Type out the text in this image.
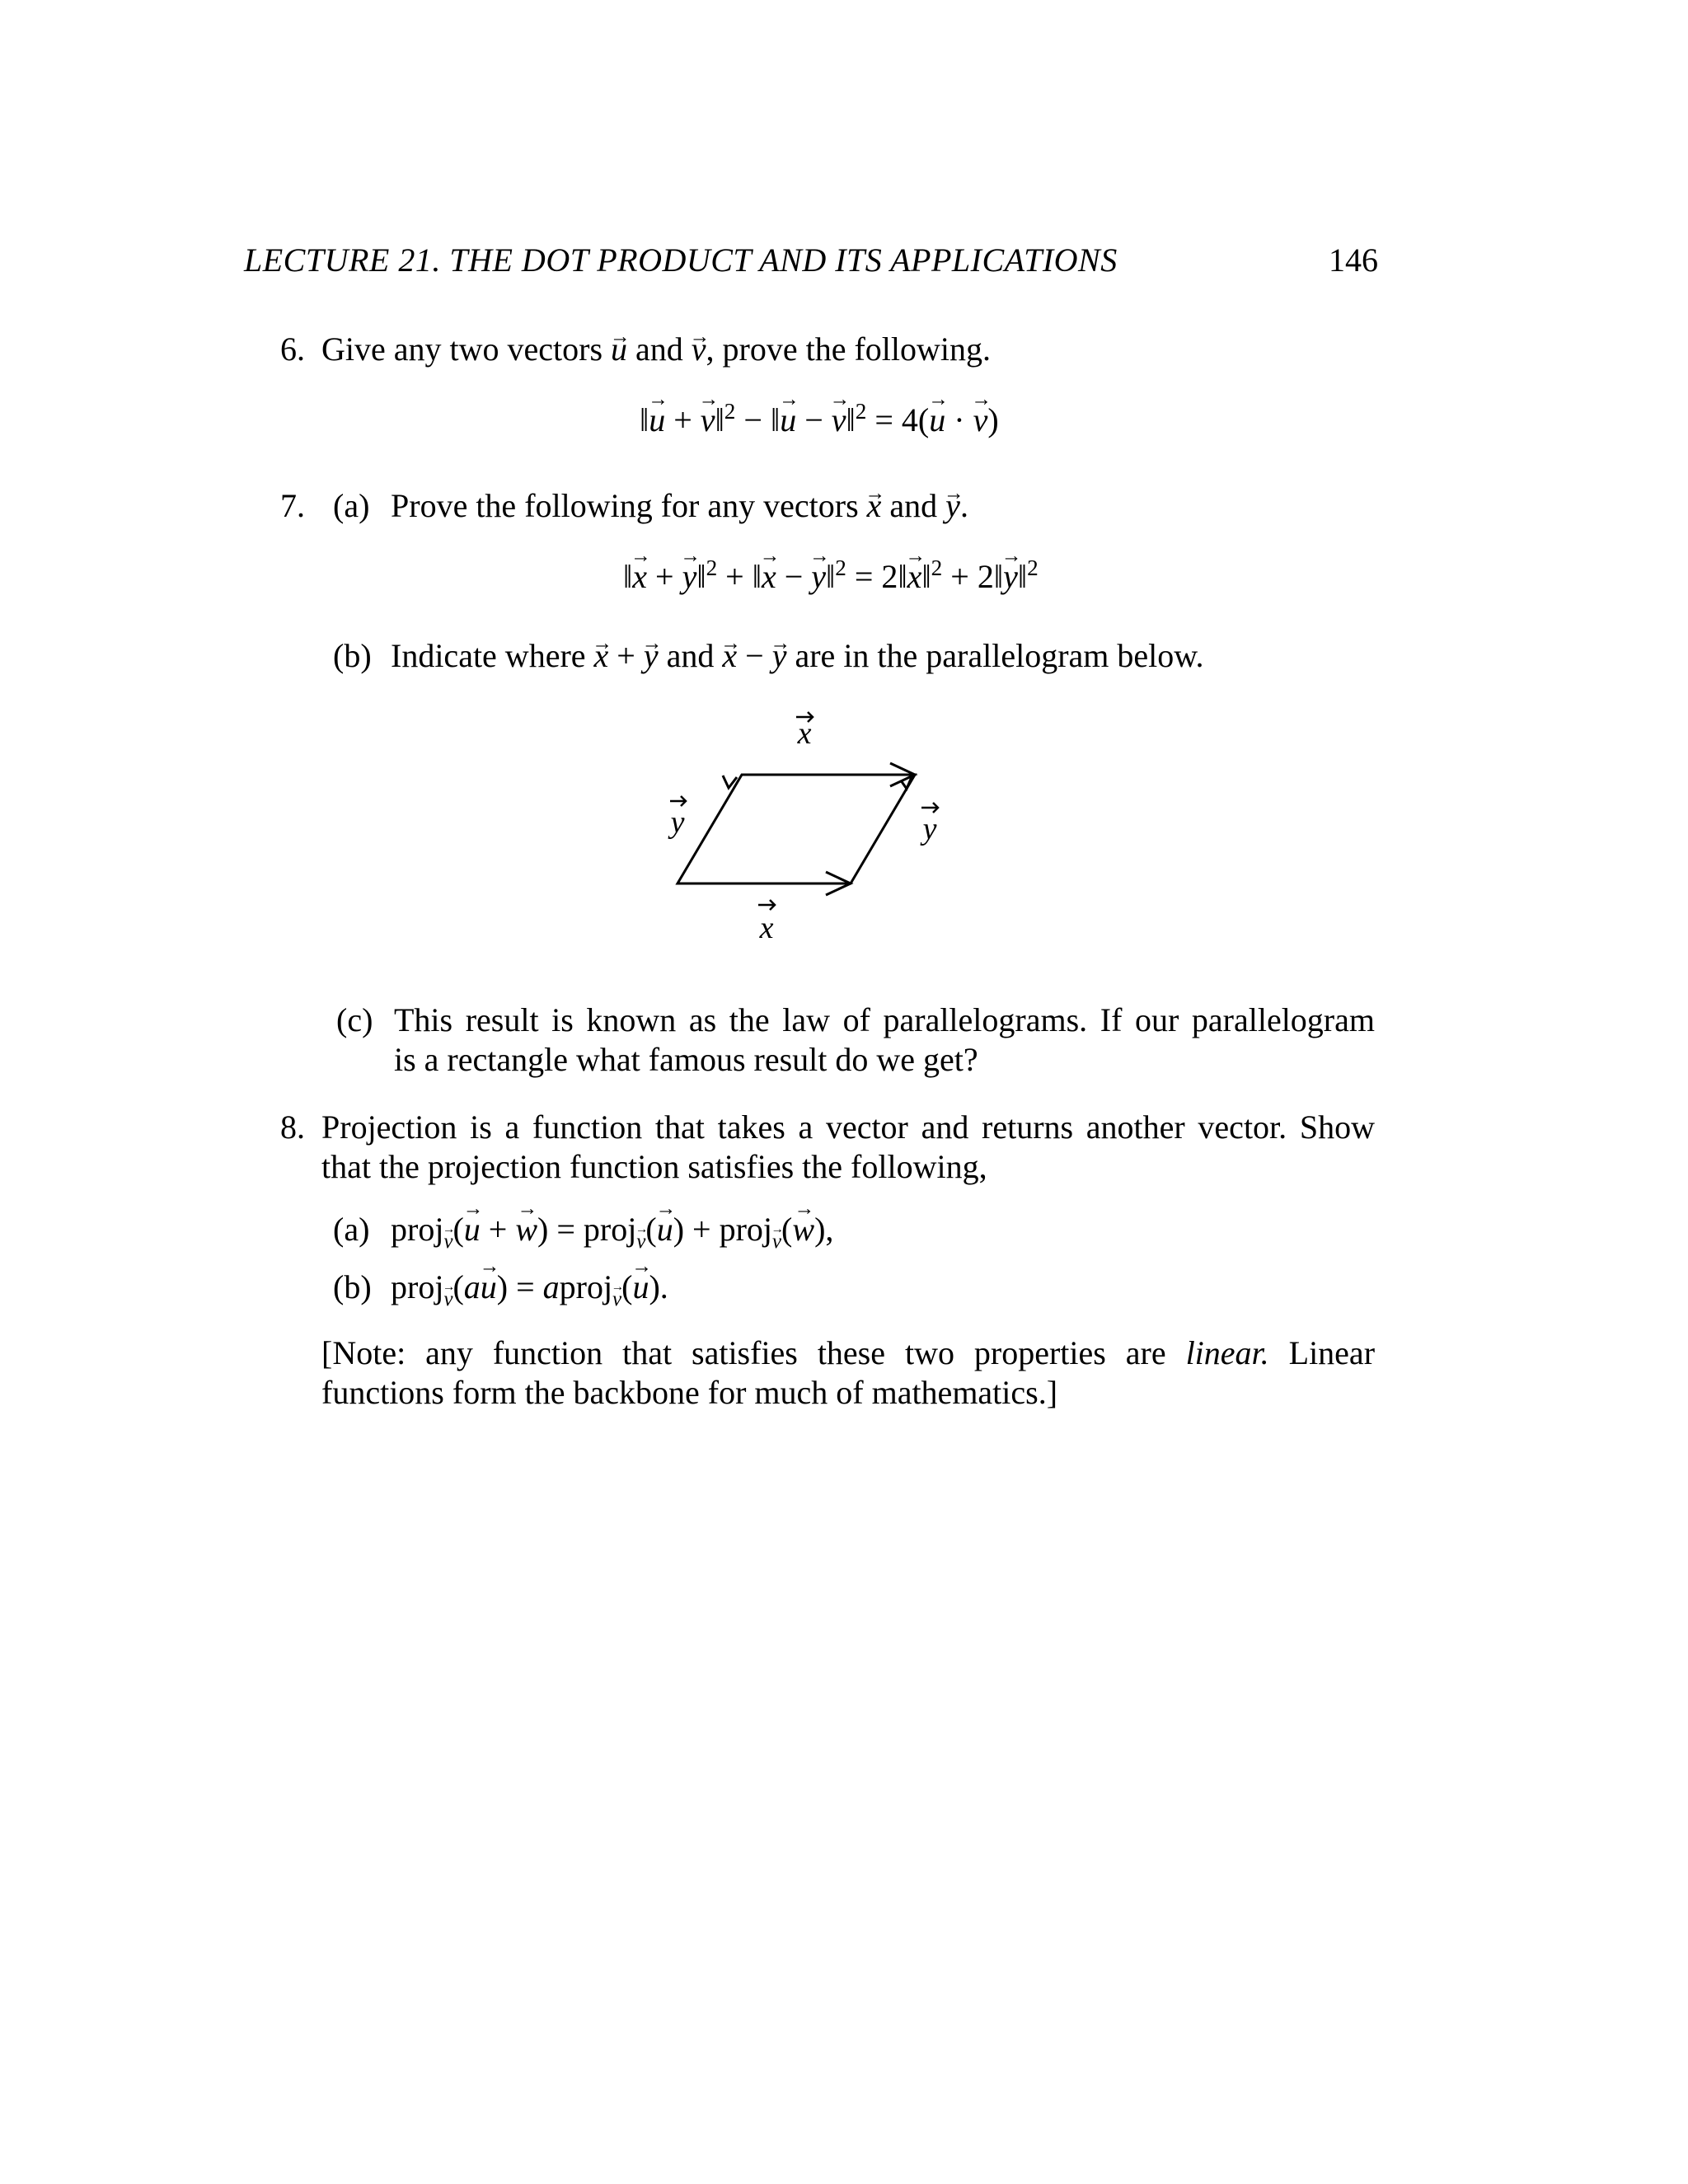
LECTURE 21. THE DOT PRODUCT AND ITS APPLICATIONS	146
6. Give any two vectors → u and → v, prove the following.
‖→ u + → v‖$^2$ − ‖→ u − → v‖$^2$ = 4(→ u · → v)
7. (a) Prove the following for any vectors → x and → y.
‖→ x + → y‖$^2$ + ‖→ x − → y‖$^2$ = 2‖→ x‖$^2$ + 2‖→ y‖$^2$
(b) Indicate where → x + → y and → x − → y are in the parallelogram below.
x
y	y
x
(c) This result is known as the law of parallelograms. If our parallelogram
is a rectangle what famous result do we get?
8. Projection is a function that takes a vector and returns another vector. Show
that the projection function satisfies the following,
(a) proj→ v(→ u + → w) = proj→ v(→ u) + proj→ v(→ w),
(b) proj→ v(a→ u) = aproj→ v(→ u).
[Note: any function that satisfies these two properties are linear. Linear
functions form the backbone for much of mathematics.]
